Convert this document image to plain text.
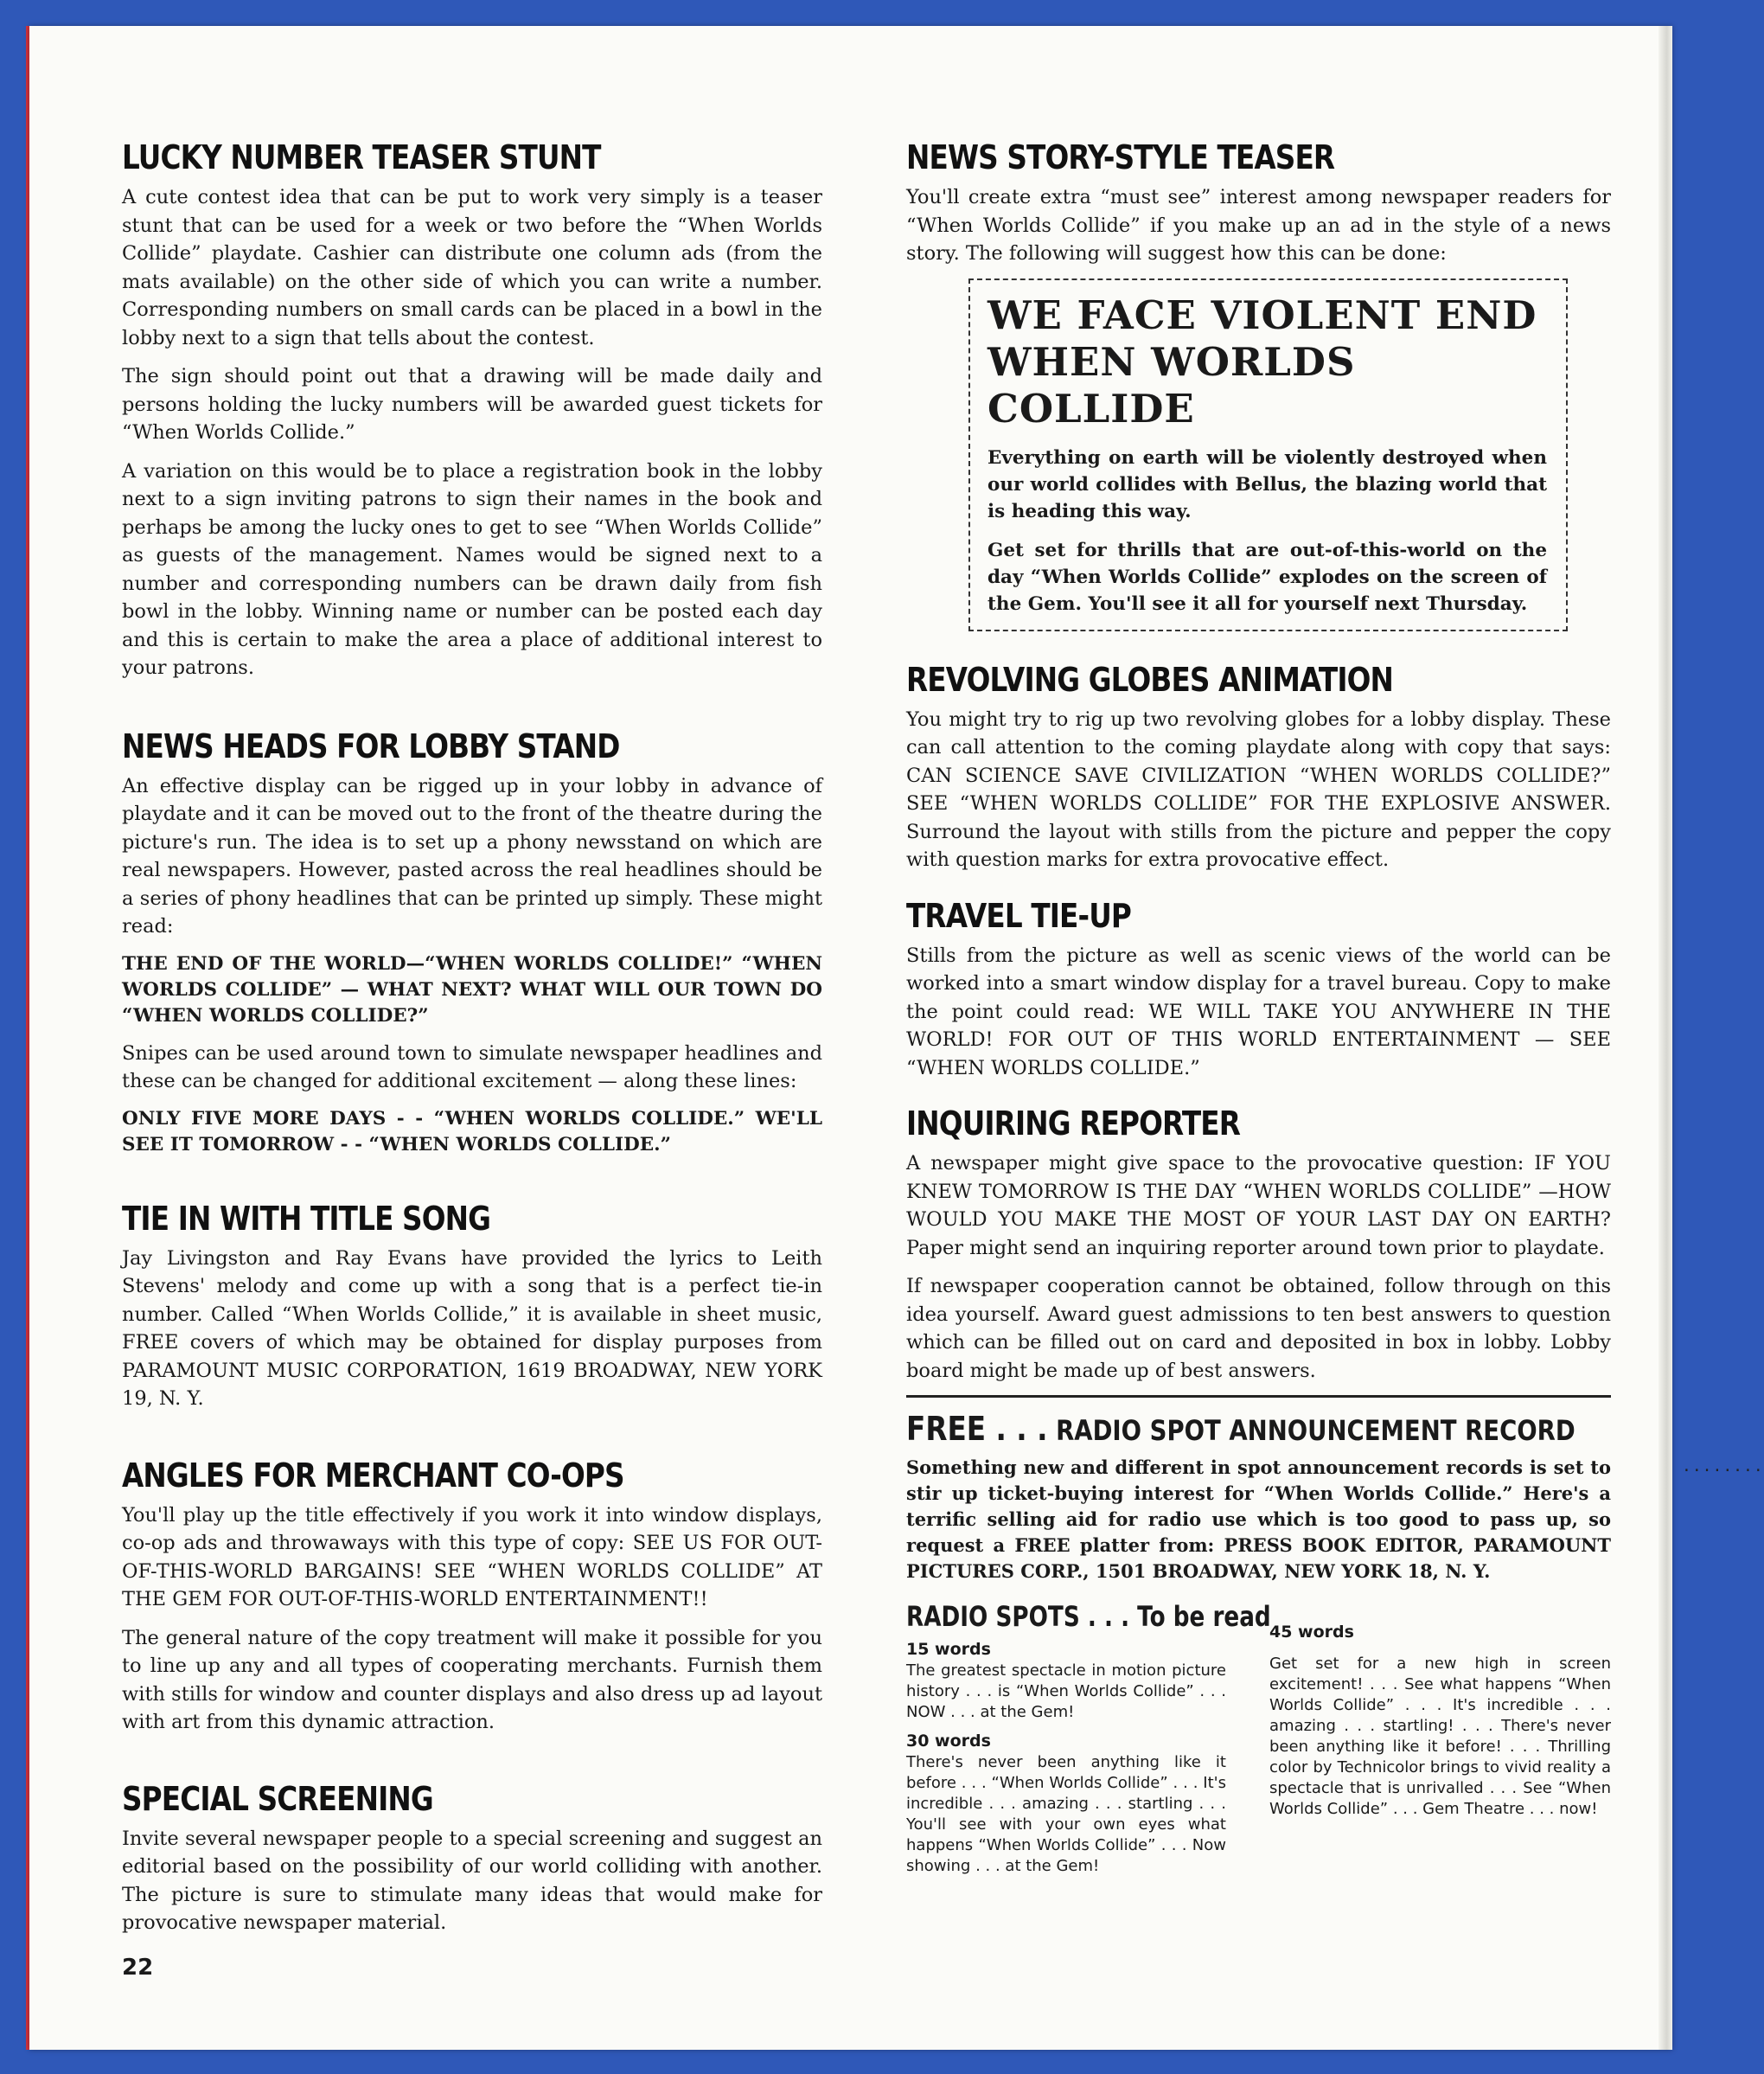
LUCKY NUMBER TEASER STUNT

A cute contest idea that can be put to work very simply is a teaser stunt that can be used for a week or two before the “When Worlds Collide” playdate. Cashier can distribute one column ads (from the mats available) on the other side of which you can write a number. Corresponding numbers on small cards can be placed in a bowl in the lobby next to a sign that tells about the contest.

The sign should point out that a drawing will be made daily and persons holding the lucky numbers will be awarded guest tickets for “When Worlds Collide.”

A variation on this would be to place a registration book in the lobby next to a sign inviting patrons to sign their names in the book and perhaps be among the lucky ones to get to see “When Worlds Collide” as guests of the management. Names would be signed next to a number and corresponding numbers can be drawn daily from fish bowl in the lobby. Winning name or number can be posted each day and this is certain to make the area a place of additional interest to your patrons.

NEWS HEADS FOR LOBBY STAND

An effective display can be rigged up in your lobby in advance of playdate and it can be moved out to the front of the theatre during the picture's run. The idea is to set up a phony newsstand on which are real newspapers. However, pasted across the real headlines should be a series of phony headlines that can be printed up simply. These might read:

THE END OF THE WORLD—“WHEN WORLDS COLLIDE!” “WHEN WORLDS COLLIDE” — WHAT NEXT? WHAT WILL OUR TOWN DO “WHEN WORLDS COLLIDE?”

Snipes can be used around town to simulate newspaper headlines and these can be changed for additional excitement — along these lines:

ONLY FIVE MORE DAYS - - “WHEN WORLDS COLLIDE.” WE'LL SEE IT TOMORROW - - “WHEN WORLDS COLLIDE.”

TIE IN WITH TITLE SONG

Jay Livingston and Ray Evans have provided the lyrics to Leith Stevens' melody and come up with a song that is a perfect tie-in number. Called “When Worlds Collide,” it is available in sheet music, FREE covers of which may be obtained for display purposes from PARAMOUNT MUSIC CORPORATION, 1619 BROADWAY, NEW YORK 19, N. Y.

ANGLES FOR MERCHANT CO-OPS

You'll play up the title effectively if you work it into window displays, co-op ads and throwaways with this type of copy: SEE US FOR OUT-OF-THIS-WORLD BARGAINS! SEE “WHEN WORLDS COLLIDE” AT THE GEM FOR OUT-OF-THIS-WORLD ENTERTAINMENT!!

The general nature of the copy treatment will make it possible for you to line up any and all types of cooperating merchants. Furnish them with stills for window and counter displays and also dress up ad layout with art from this dynamic attraction.

SPECIAL SCREENING

Invite several newspaper people to a special screening and suggest an editorial based on the possibility of our world colliding with another. The picture is sure to stimulate many ideas that would make for provocative newspaper material.

NEWS STORY-STYLE TEASER

You'll create extra “must see” interest among newspaper readers for “When Worlds Collide” if you make up an ad in the style of a news story. The following will suggest how this can be done:

WE FACE VIOLENT END WHEN WORLDS COLLIDE

Everything on earth will be violently destroyed when our world collides with Bellus, the blazing world that is heading this way.

Get set for thrills that are out-of-this-world on the day “When Worlds Collide” explodes on the screen of the Gem. You'll see it all for yourself next Thursday.

REVOLVING GLOBES ANIMATION

You might try to rig up two revolving globes for a lobby display. These can call attention to the coming playdate along with copy that says: CAN SCIENCE SAVE CIVILIZATION “WHEN WORLDS COLLIDE?” SEE “WHEN WORLDS COLLIDE” FOR THE EXPLOSIVE ANSWER. Surround the layout with stills from the picture and pepper the copy with question marks for extra provocative effect.

TRAVEL TIE-UP

Stills from the picture as well as scenic views of the world can be worked into a smart window display for a travel bureau. Copy to make the point could read: WE WILL TAKE YOU ANYWHERE IN THE WORLD! FOR OUT OF THIS WORLD ENTERTAINMENT — SEE “WHEN WORLDS COLLIDE.”

INQUIRING REPORTER

A newspaper might give space to the provocative question: IF YOU KNEW TOMORROW IS THE DAY “WHEN WORLDS COLLIDE” —HOW WOULD YOU MAKE THE MOST OF YOUR LAST DAY ON EARTH? Paper might send an inquiring reporter around town prior to playdate.

If newspaper cooperation cannot be obtained, follow through on this idea yourself. Award guest admissions to ten best answers to question which can be filled out on card and deposited in box in lobby. Lobby board might be made up of best answers.

FREE . . . RADIO SPOT ANNOUNCEMENT RECORD

Something new and different in spot announcement records is set to stir up ticket-buying interest for “When Worlds Collide.” Here's a terrific selling aid for radio use which is too good to pass up, so request a FREE platter from: PRESS BOOK EDITOR, PARAMOUNT PICTURES CORP., 1501 BROADWAY, NEW YORK 18, N. Y.

RADIO SPOTS . . . To be read
15 words

The greatest spectacle in motion picture history . . . is “When Worlds Collide” . . . NOW . . . at the Gem!

30 words

There's never been anything like it before . . . “When Worlds Collide” . . . It's incredible . . . amazing . . . startling . . . You'll see with your own eyes what happens “When Worlds Collide” . . . Now showing . . . at the Gem!

45 words

Get set for a new high in screen excitement! . . . See what happens “When Worlds Collide” . . . It's incredible . . . amazing . . . startling! . . . There's never been anything like it before! . . . Thrilling color by Technicolor brings to vivid reality a spectacle that is unrivalled . . . See “When Worlds Collide” . . . Gem Theatre . . . now!

22
........
